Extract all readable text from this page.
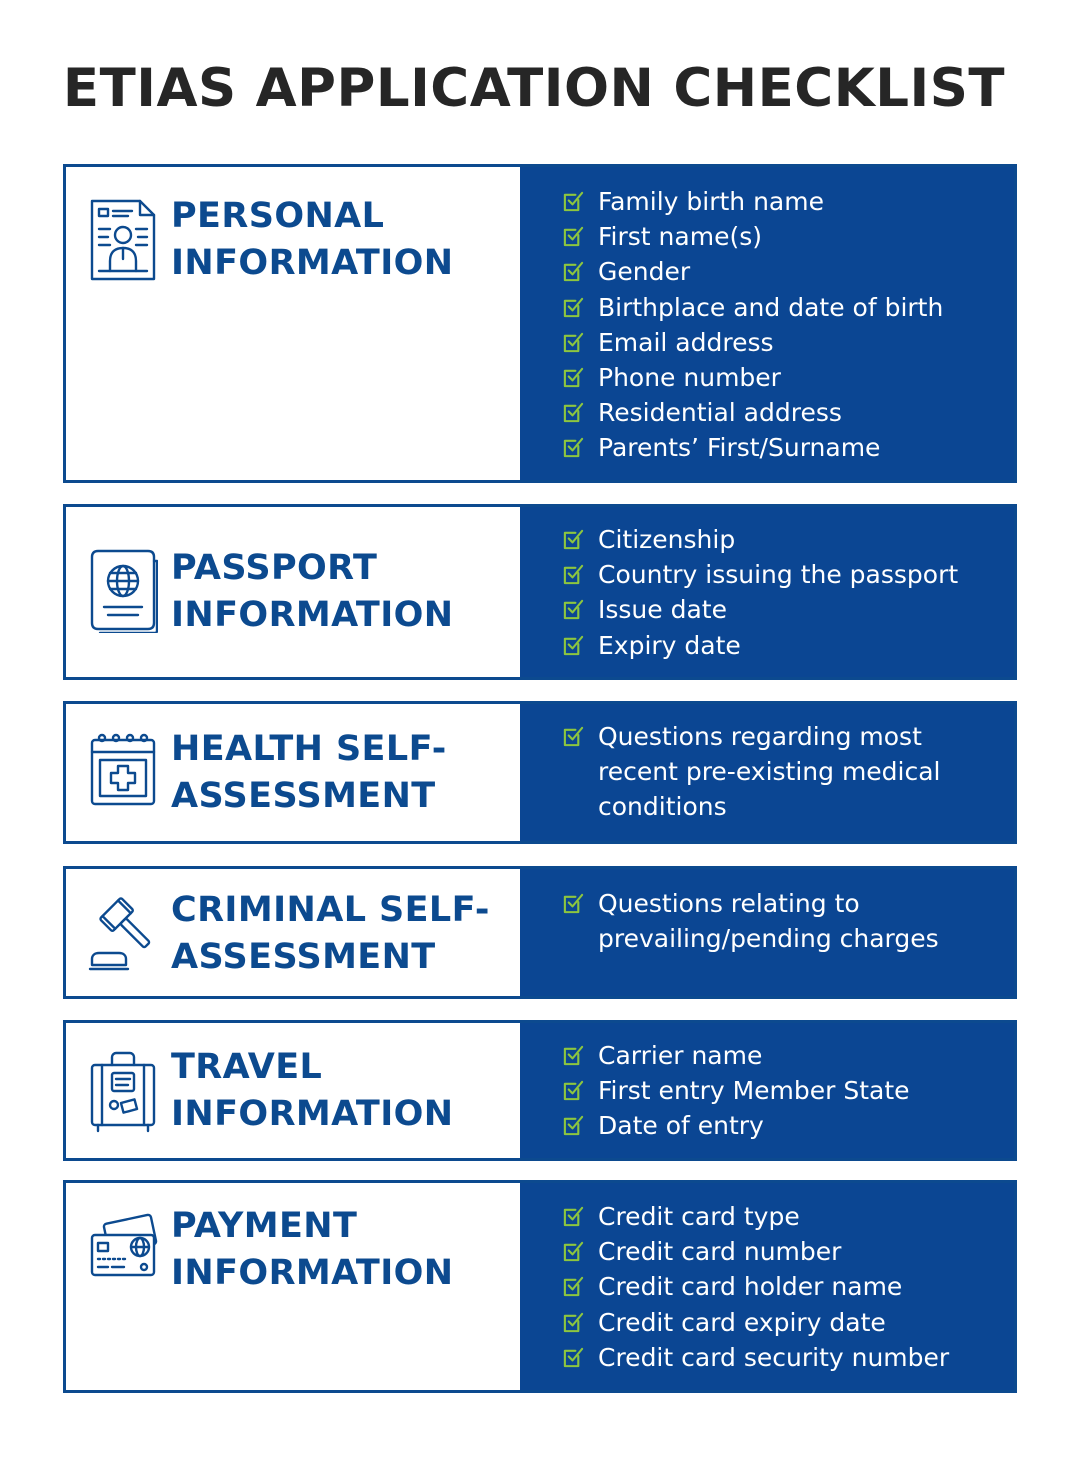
ETIAS APPLICATION CHECKLIST
PERSONAL
INFORMATION
Family birth name
First name(s)
Gender
Birthplace and date of birth
Email address
Phone number
Residential address
Parents’ First/Surname
PASSPORT
INFORMATION
Citizenship
Country issuing the passport
Issue date
Expiry date
HEALTH SELF-
ASSESSMENT
Questions regarding most recent pre-existing medical conditions
CRIMINAL SELF-
ASSESSMENT
Questions relating to prevailing/pending charges
TRAVEL
INFORMATION
Carrier name
First entry Member State
Date of entry
PAYMENT
INFORMATION
Credit card type
Credit card number
Credit card holder name
Credit card expiry date
Credit card security number
